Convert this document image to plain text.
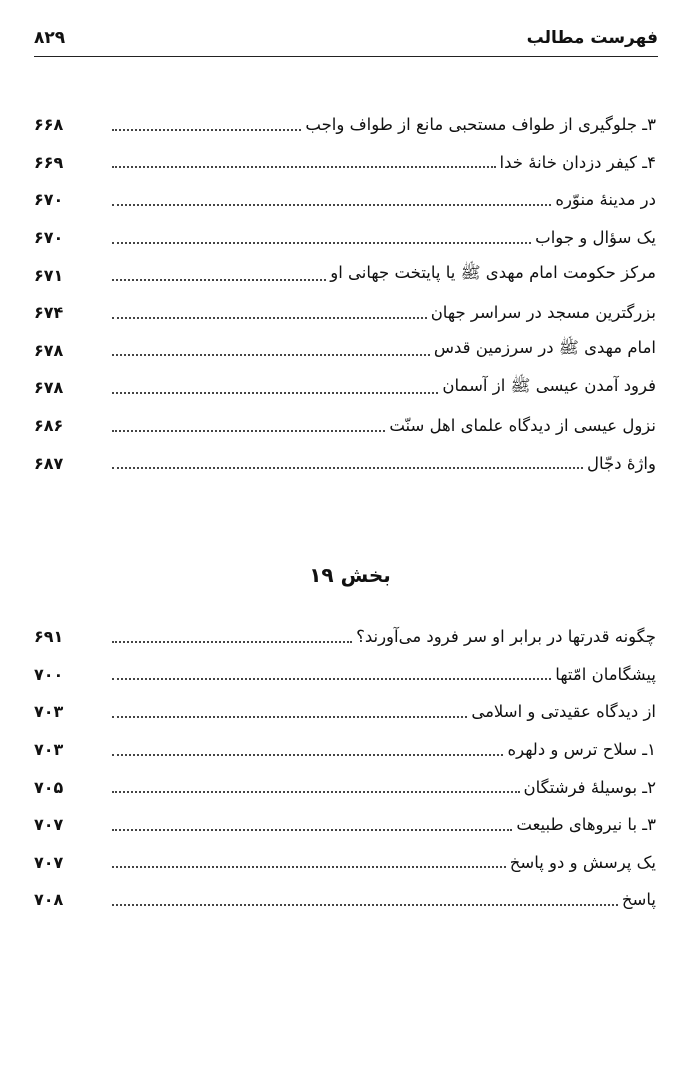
فهرست مطالب
۸۲۹
۳ـ جلوگیری از طواف مستحبی مانع از طواف واجب
۶۶۸
۴ـ کیفر دزدان خانهٔ خدا
۶۶۹
در مدینهٔ منوّره
۶۷۰
یک سؤال و جواب
۶۷۰
مرکز حکومت امام مهدی ﷺ یا پایتخت جهانی او
۶۷۱
بزرگترین مسجد در سراسر جهان
۶۷۴
امام مهدی ﷺ در سرزمین قدس
۶۷۸
فرود آمدن عیسی ﷺ از آسمان
۶۷۸
نزول عیسی از دیدگاه علمای اهل سنّت
۶۸۶
واژهٔ دجّال
۶۸۷
بخش ۱۹
چگونه قدرتها در برابر او سر فرود می‌آورند؟
۶۹۱
پیشگامان امّتها
۷۰۰
از دیدگاه عقیدتی و اسلامی
۷۰۳
۱ـ سلاح ترس و دلهره
۷۰۳
۲ـ بوسیلهٔ فرشتگان
۷۰۵
۳ـ با نیروهای طبیعت
۷۰۷
یک پرسش و دو پاسخ
۷۰۷
پاسخ
۷۰۸
